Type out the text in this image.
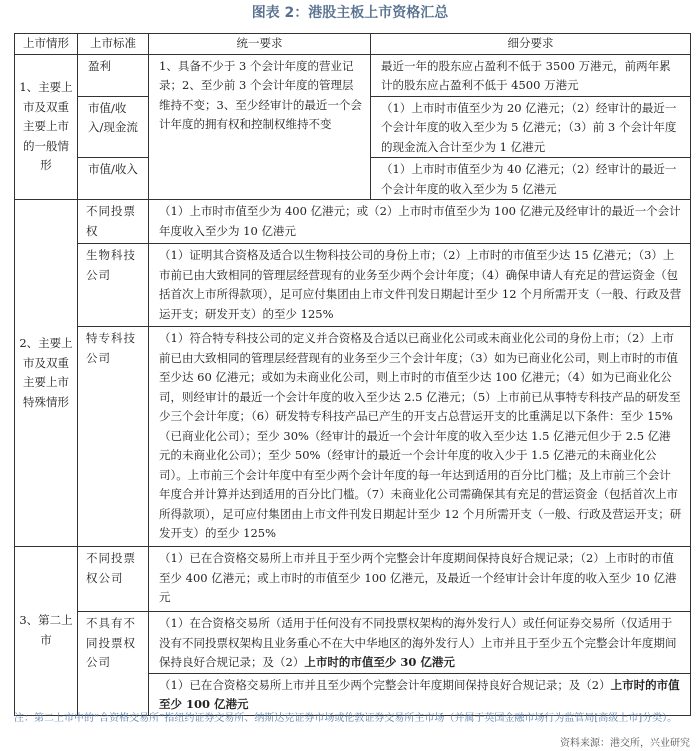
图表 2：港股主板上市资格汇总
上市情形	上市标准	统一要求	细分要求
1、主要上市及双重主要上市的一般情形	盈利	1、具备不少于 3 个会计年度的营业记录；2、至少前 3 个会计年度的管理层维持不变；3、至少经审计的最近一个会计年度的拥有权和控制权维持不变	最近一年的股东应占盈利不低于 3500 万港元，前两年累计的股东应占盈利不低于 4500 万港元
	市值/收入/现金流		（1）上市时市值至少为 20 亿港元；（2）经审计的最近一个会计年度的收入至少为 5 亿港元；（3）前 3 个会计年度的现金流入合计至少为 1 亿港元
	市值/收入		（1）上市时市值至少为 40 亿港元；（2）经审计的最近一个会计年度的收入至少为 5 亿港元
2、主要上市及双重主要上市特殊情形	不同投票权	（1）上市时市值至少为 400 亿港元；或（2）上市时市值至少为 100 亿港元及经审计的最近一个会计年度收入至少为 10 亿港元	
	生物科技公司	（1）证明其合资格及适合以生物科技公司的身份上市；（2）上市时的市值至少达 15 亿港元；（3）上市前已由大致相同的管理层经营现有的业务至少两个会计年度；（4）确保申请人有充足的营运资金（包括首次上市所得款项），足可应付集团由上市文件刊发日期起计至少 12 个月所需开支（一般、行政及营运开支；研发开支）的至少 125%	
	特专科技公司	（1）符合特专科技公司的定义并合资格及合适以已商业化公司或未商业化公司的身份上市；（2）上市前已由大致相同的管理层经营现有的业务至少三个会计年度；（3）如为已商业化公司，则上市时的市值至少达 60 亿港元；或如为未商业化公司，则上市时的市值至少达 100 亿港元；（4）如为已商业化公司，则经审计的最近一个会计年度的收入至少达 2.5 亿港元；（5）上市前已从事特专科技产品的研发至少三个会计年度；（6）研发特专科技产品已产生的开支占总营运开支的比重满足以下条件：至少 15%（已商业化公司）；至少 30%（经审计的最近一个会计年度的收入至少达 1.5 亿港元但少于 2.5 亿港元的未商业化公司）；至少 50%（经审计的最近一个会计年度的收入少于 1.5 亿港元的未商业化公司）。上市前三个会计年度中有至少两个会计年度的每一年达到适用的百分比门槛；及上市前三个会计年度合并计算并达到适用的百分比门槛。（7）未商业化公司需确保其有充足的营运资金（包括首次上市所得款项），足可应付集团由上市文件刊发日期起计至少 12 个月所需开支（一般、行政及营运开支；研发开支）的至少 125%	
3、第二上市	不同投票权公司	（1）已在合资格交易所上市并且于至少两个完整会计年度期间保持良好合规记录；（2）上市时的市值至少 400 亿港元；或上市时的市值至少 100 亿港元，及最近一个经审计会计年度的收入至少 10 亿港元	
	不具有不同投票权公司	（1）在合资格交易所（适用于任何没有不同投票权架构的海外发行人）或任何证券交易所（仅适用于没有不同投票权架构且业务重心不在大中华地区的海外发行人）上市并且于至少五个完整会计年度期间保持良好合规记录；及（2）上市时的市值至少 30 亿港元	
		（1）已在合资格交易所上市并且至少两个完整会计年度期间保持良好合规记录；及（2）上市时的市值至少 100 亿港元	
注：第二上市中的“合资格交易所”指纽约证券交易所、纳斯达克证券市场或伦敦证券交易所主市场（并属于英国金融市场行为监管局[高级上市]分类）。
资料来源：港交所，兴业研究
